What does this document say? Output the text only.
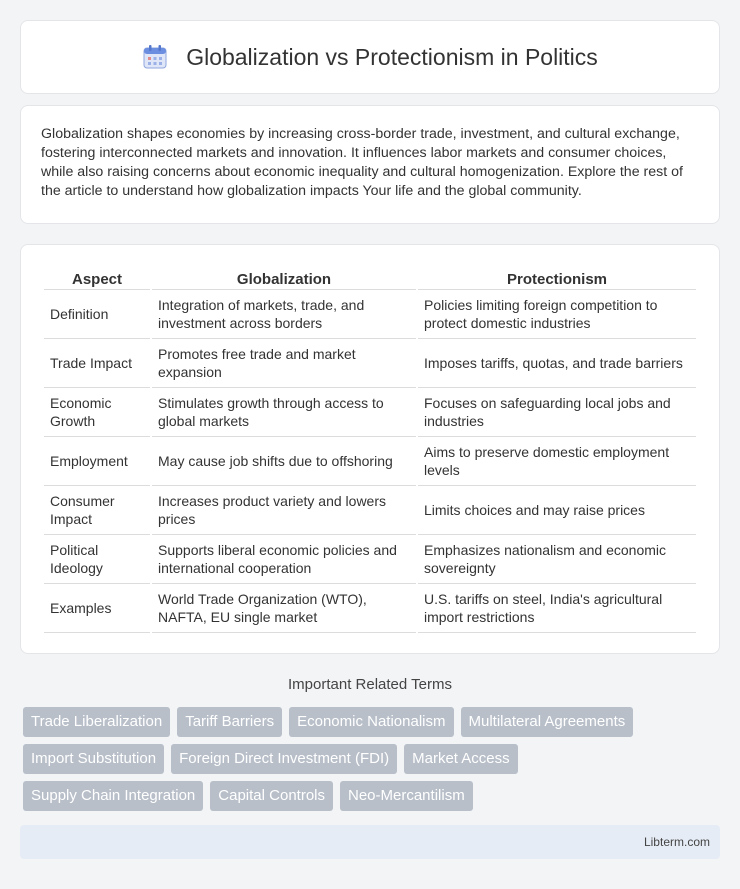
Globalization vs Protectionism in Politics

Globalization shapes economies by increasing cross-border trade, investment, and cultural exchange, fostering interconnected markets and innovation. It influences labor markets and consumer choices, while also raising concerns about economic inequality and cultural homogenization. Explore the rest of the article to understand how globalization impacts Your life and the global community.

Aspect	Globalization	Protectionism
Definition	Integration of markets, trade, and investment across borders	Policies limiting foreign competition to protect domestic industries
Trade Impact	Promotes free trade and market expansion	Imposes tariffs, quotas, and trade barriers
Economic Growth	Stimulates growth through access to global markets	Focuses on safeguarding local jobs and industries
Employment	May cause job shifts due to offshoring	Aims to preserve domestic employment levels
Consumer Impact	Increases product variety and lowers prices	Limits choices and may raise prices
Political Ideology	Supports liberal economic policies and international cooperation	Emphasizes nationalism and economic sovereignty
Examples	World Trade Organization (WTO), NAFTA, EU single market	U.S. tariffs on steel, India's agricultural import restrictions
Important Related Terms
Trade Liberalization	Tariff Barriers	Economic Nationalism	Multilateral Agreements
Import Substitution	Foreign Direct Investment (FDI)	Market Access
Supply Chain Integration	Capital Controls	Neo-Mercantilism
Libterm.com
